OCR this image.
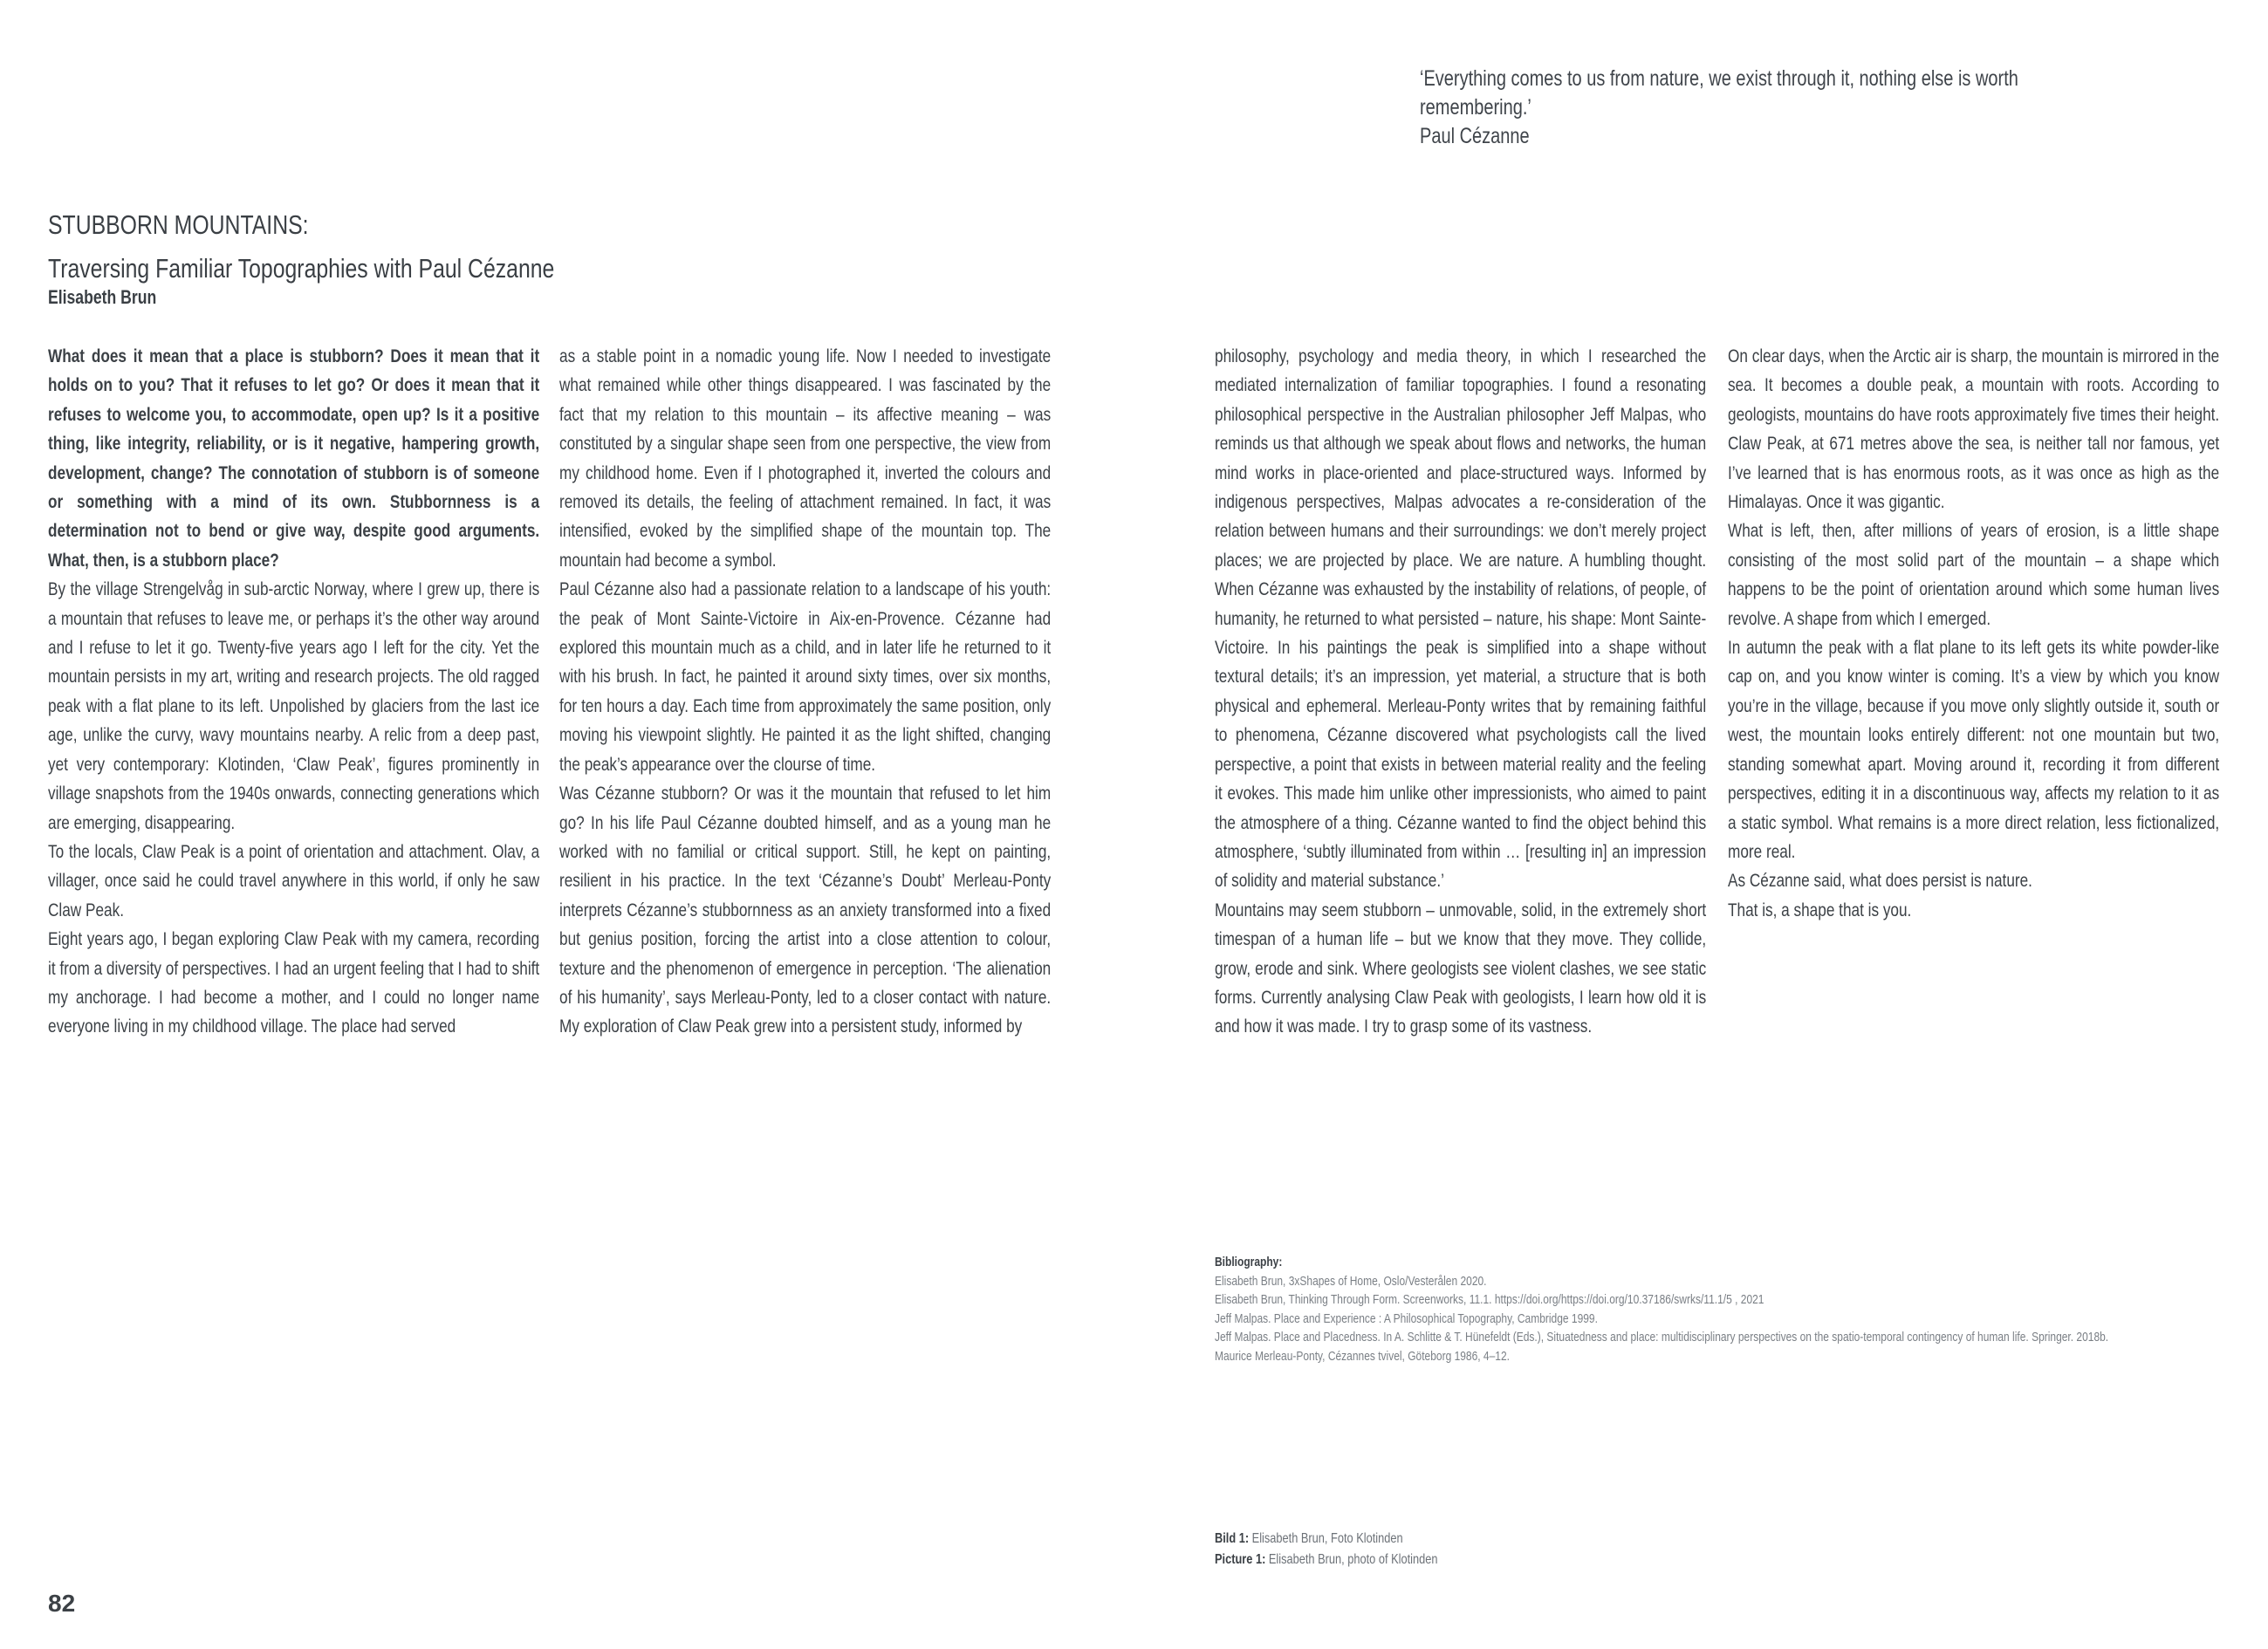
‘Everything comes to us from nature, we exist through it, nothing else is worth remembering.’
Paul Cézanne
STUBBORN MOUNTAINS:
Traversing Familiar Topographies with Paul Cézanne
Elisabeth Brun

What does it mean that a place is stubborn? Does it mean that it holds on to you? That it refuses to let go? Or does it mean that it refuses to welcome you, to accommodate, open up? Is it a positive thing, like integrity, reliability, or is it negative, hampering growth, development, change? The connotation of stubborn is of someone or something with a mind of its own. Stubbornness is a determination not to bend or give way, despite good arguments. What, then, is a stubborn place?

By the village Strengelvåg in sub-arctic Norway, where I grew up, there is a mountain that refuses to leave me, or perhaps it’s the other way around and I refuse to let it go. Twenty-five years ago I left for the city. Yet the mountain persists in my art, writing and research projects. The old ragged peak with a flat plane to its left. Unpolished by glaciers from the last ice age, unlike the curvy, wavy mountains nearby. A relic from a deep past, yet very contemporary: Klotinden, ‘Claw Peak’, figures prominently in village snapshots from the 1940s onwards, connecting generations which are emerging, disappearing.

To the locals, Claw Peak is a point of orientation and attachment. Olav, a villager, once said he could travel anywhere in this world, if only he saw Claw Peak.

Eight years ago, I began exploring Claw Peak with my camera, recording it from a diversity of perspectives. I had an urgent feeling that I had to shift my anchorage. I had become a mother, and I could no longer name everyone living in my childhood village. The place had served

as a stable point in a nomadic young life. Now I needed to investigate what remained while other things disappeared. I was fascinated by the fact that my relation to this mountain – its affective meaning – was constituted by a singular shape seen from one perspective, the view from my childhood home. Even if I photographed it, inverted the colours and removed its details, the feeling of attachment remained. In fact, it was intensified, evoked by the simplified shape of the mountain top. The mountain had become a symbol.

Paul Cézanne also had a passionate relation to a landscape of his youth: the peak of Mont Sainte-Victoire in Aix-en-Provence. Cézanne had explored this mountain much as a child, and in later life he returned to it with his brush. In fact, he painted it around sixty times, over six months, for ten hours a day. Each time from approximately the same position, only moving his viewpoint slightly. He painted it as the light shifted, changing the peak’s appearance over the clourse of time.

Was Cézanne stubborn? Or was it the mountain that refused to let him go? In his life Paul Cézanne doubted himself, and as a young man he worked with no familial or critical support. Still, he kept on painting, resilient in his practice. In the text ‘Cézanne’s Doubt’ Merleau-Ponty interprets Cézanne’s stubbornness as an anxiety transformed into a fixed but genius position, forcing the artist into a close attention to colour, texture and the phenomenon of emergence in perception. ‘The alienation of his humanity’, says Merleau-Ponty, led to a closer contact with nature. My exploration of Claw Peak grew into a persistent study, informed by

philosophy, psychology and media theory, in which I researched the mediated internalization of familiar topographies. I found a resonating philosophical perspective in the Australian philosopher Jeff Malpas, who reminds us that although we speak about flows and networks, the human mind works in place-oriented and place-structured ways. Informed by indigenous perspectives, Malpas advocates a re-consideration of the relation between humans and their surroundings: we don’t merely project places; we are projected by place. We are nature. A humbling thought. When Cézanne was exhausted by the instability of relations, of people, of humanity, he returned to what persisted – nature, his shape: Mont Sainte-Victoire. In his paintings the peak is simplified into a shape without textural details; it’s an impression, yet material, a structure that is both physical and ephemeral. Merleau-Ponty writes that by remaining faithful to phenomena, Cézanne discovered what psychologists call the lived perspective, a point that exists in between material reality and the feeling it evokes. This made him unlike other impressionists, who aimed to paint the atmosphere of a thing. Cézanne wanted to find the object behind this atmosphere, ‘subtly illuminated from within … [resulting in] an impression of solidity and material substance.’

Mountains may seem stubborn – unmovable, solid, in the extremely short timespan of a human life – but we know that they move. They collide, grow, erode and sink. Where geologists see violent clashes, we see static forms. Currently analysing Claw Peak with geologists, I learn how old it is and how it was made. I try to grasp some of its vastness.

On clear days, when the Arctic air is sharp, the mountain is mirrored in the sea. It becomes a double peak, a mountain with roots. According to geologists, mountains do have roots approximately five times their height. Claw Peak, at 671 metres above the sea, is neither tall nor famous, yet I’ve learned that is has enormous roots, as it was once as high as the Himalayas. Once it was gigantic.

What is left, then, after millions of years of erosion, is a little shape consisting of the most solid part of the mountain – a shape which happens to be the point of orientation around which some human lives revolve. A shape from which I emerged.

In autumn the peak with a flat plane to its left gets its white powder-like cap on, and you know winter is coming. It’s a view by which you know you’re in the village, because if you move only slightly outside it, south or west, the mountain looks entirely different: not one mountain but two, standing somewhat apart. Moving around it, recording it from different perspectives, editing it in a discontinuous way, affects my relation to it as a static symbol. What remains is a more direct relation, less fictionalized, more real.

As Cézanne said, what does persist is nature.

That is, a shape that is you.

Bibliography:
Elisabeth Brun, 3xShapes of Home, Oslo/Vesterålen 2020.
Elisabeth Brun, Thinking Through Form. Screenworks, 11.1. https://doi.org/https://doi.org/10.37186/swrks/11.1/5 , 2021
Jeff Malpas. Place and Experience : A Philosophical Topography, Cambridge 1999.
Jeff Malpas. Place and Placedness. In A. Schlitte & T. Hünefeldt (Eds.), Situatedness and place: multidisciplinary perspectives on the spatio-temporal contingency of human life. Springer. 2018b.
Maurice Merleau-Ponty, Cézannes tvivel, Göteborg 1986, 4–12.
Bild 1: Elisabeth Brun, Foto Klotinden
Picture 1: Elisabeth Brun, photo of Klotinden
82
